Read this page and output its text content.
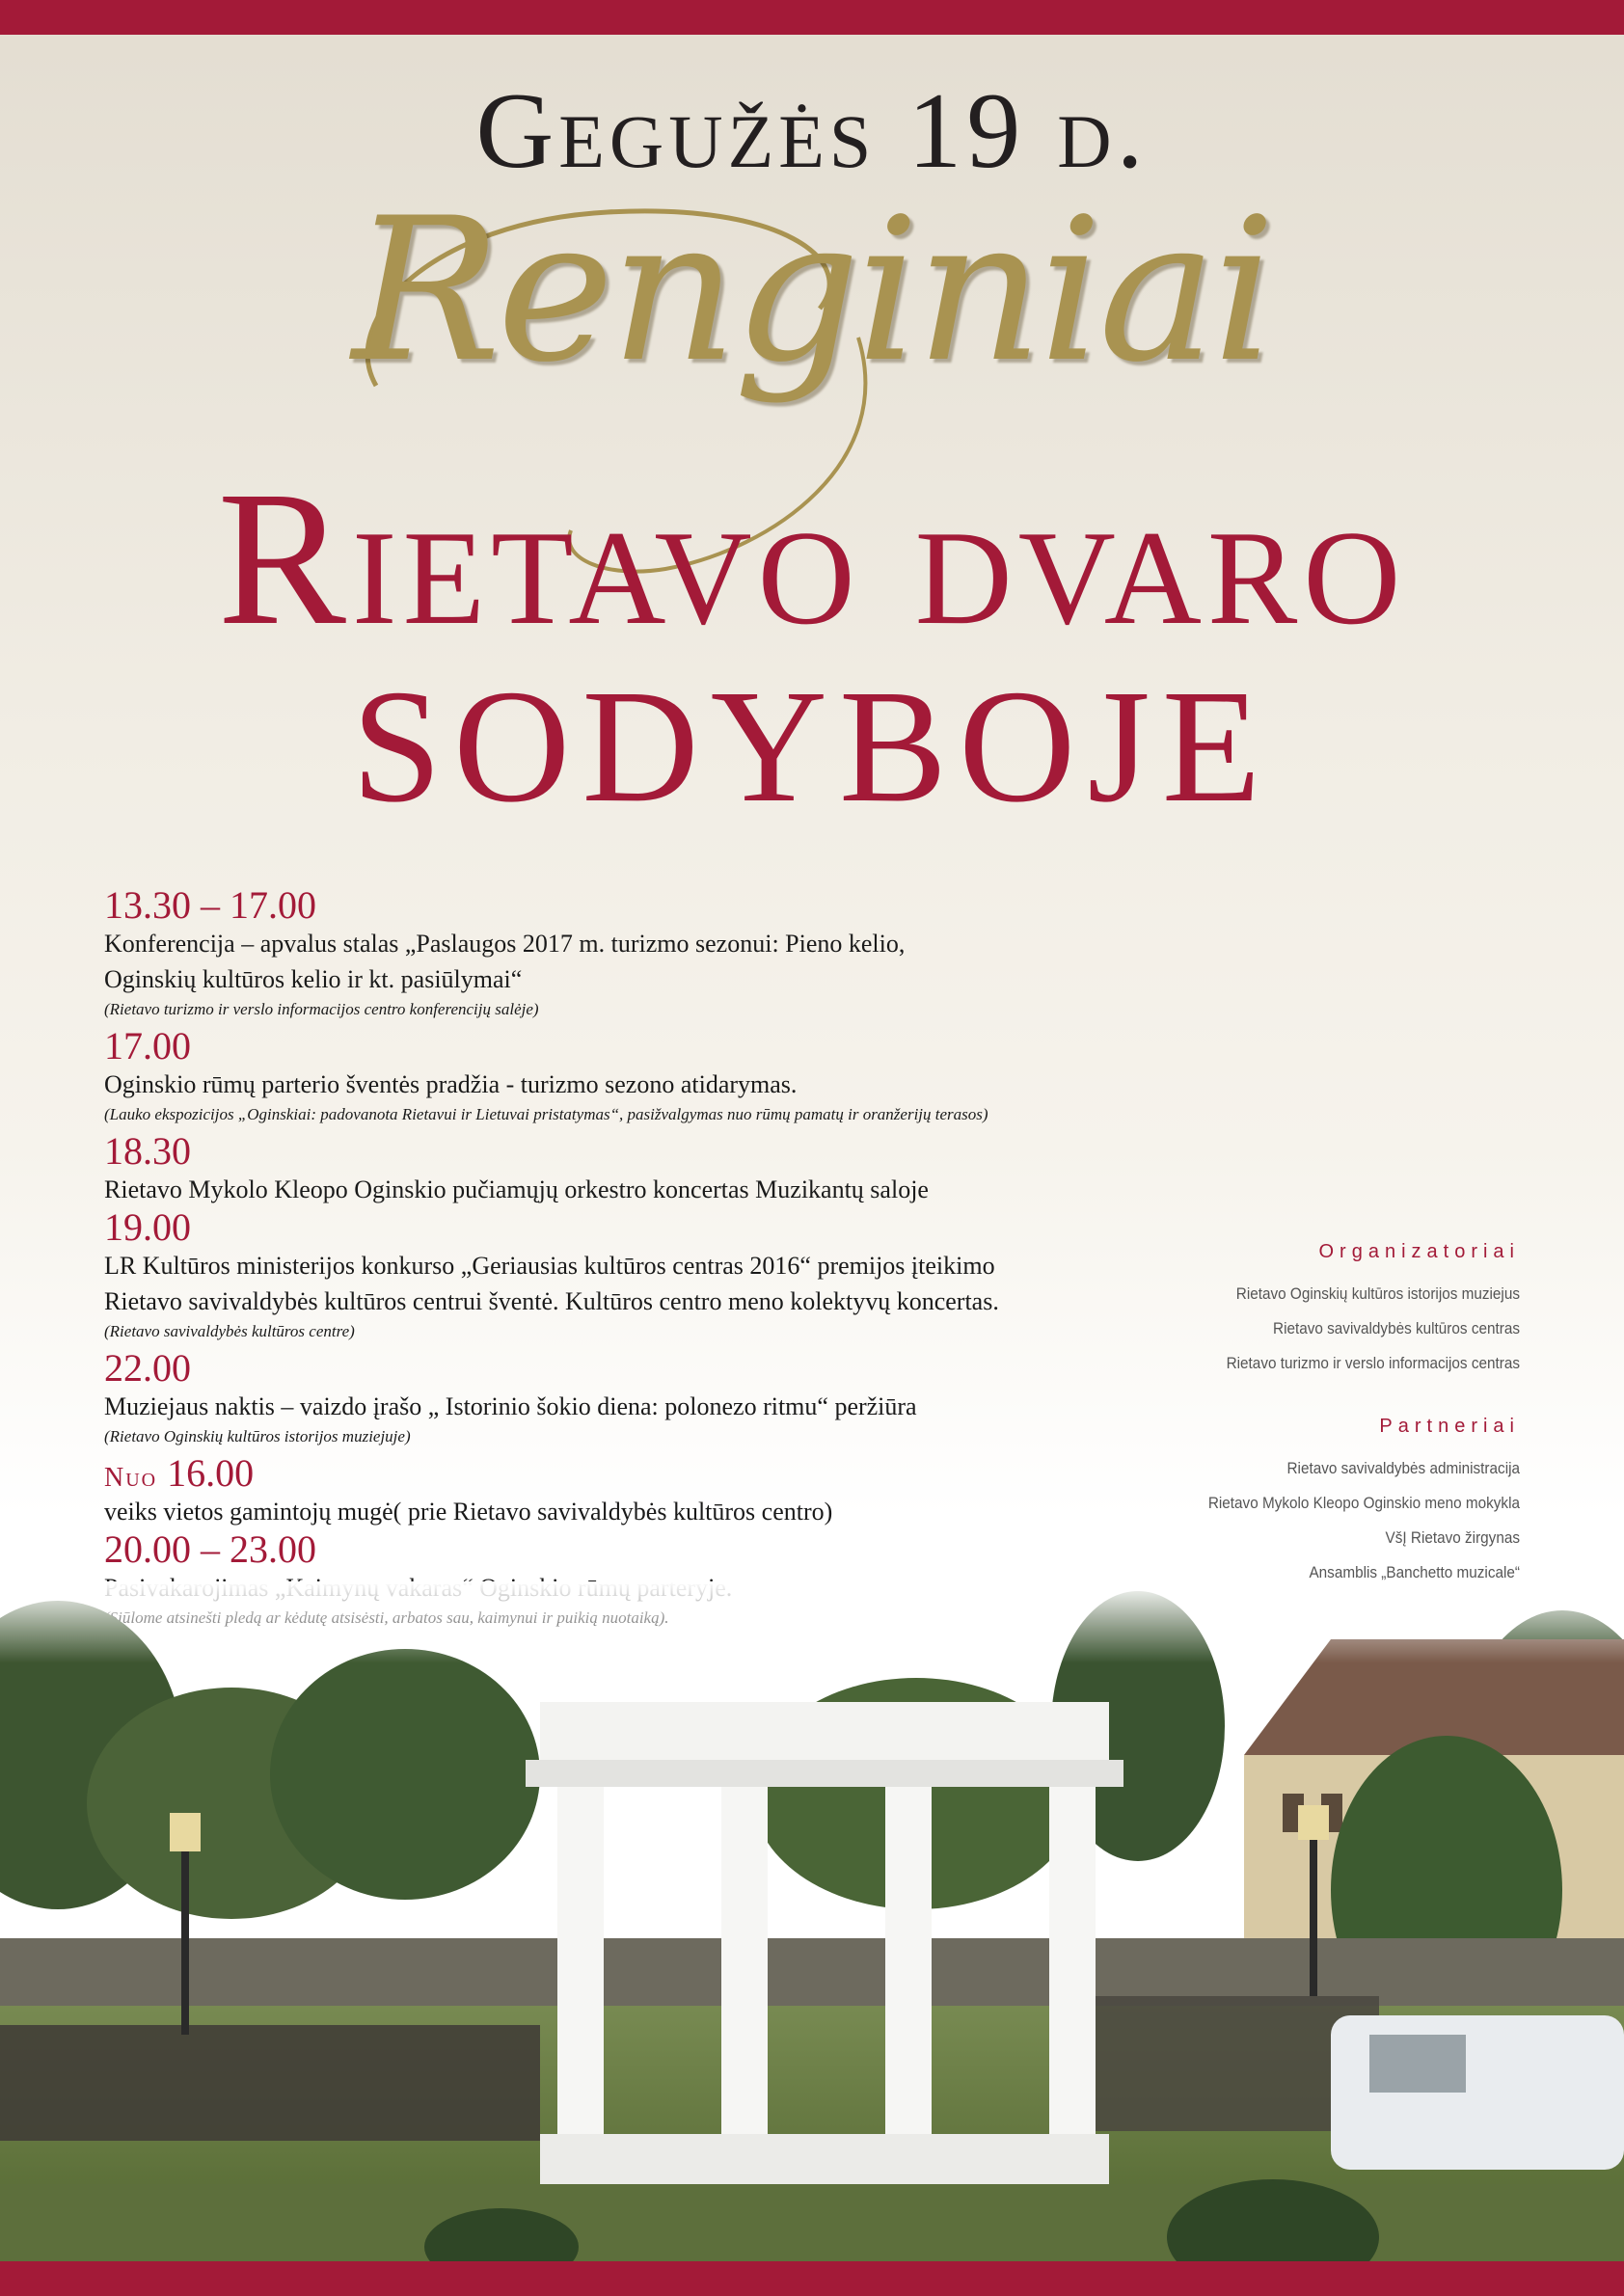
Gegužės 19 d.
Renginiai
Rietavo dvaro
SODYBOJE
13.30 – 17.00
Konferencija – apvalus stalas „Paslaugos 2017 m. turizmo sezonui: Pieno kelio,
Oginskių kultūros kelio ir kt. pasiūlymai“
(Rietavo turizmo ir verslo informacijos centro konferencijų salėje)
17.00
Oginskio rūmų parterio šventės pradžia - turizmo sezono atidarymas.
(Lauko ekspozicijos „Oginskiai: padovanota Rietavui ir Lietuvai pristatymas“, pasižvalgymas nuo rūmų pamatų ir oranžerijų terasos)
18.30
Rietavo Mykolo Kleopo Oginskio pučiamųjų orkestro koncertas Muzikantų saloje
19.00
LR Kultūros ministerijos konkurso „Geriausias kultūros centras 2016“ premijos įteikimo
Rietavo savivaldybės kultūros centrui šventė. Kultūros centro meno kolektyvų koncertas.
(Rietavo savivaldybės kultūros centre)
22.00
Muziejaus naktis – vaizdo įrašo „ Istorinio šokio diena: polonezo ritmu“ peržiūra
(Rietavo Oginskių kultūros istorijos muziejuje)
Nuo 16.00
veiks vietos gamintojų mugė( prie Rietavo savivaldybės kultūros centro)
20.00 – 23.00
Organizatoriai
Rietavo Oginskių kultūros istorijos muziejus
Rietavo savivaldybės kultūros centras
Rietavo turizmo ir verslo informacijos centras
Partneriai
Rietavo savivaldybės administracija
Rietavo Mykolo Kleopo Oginskio meno mokykla
VšĮ Rietavo žirgynas
Ansamblis „Banchetto muzicale“
